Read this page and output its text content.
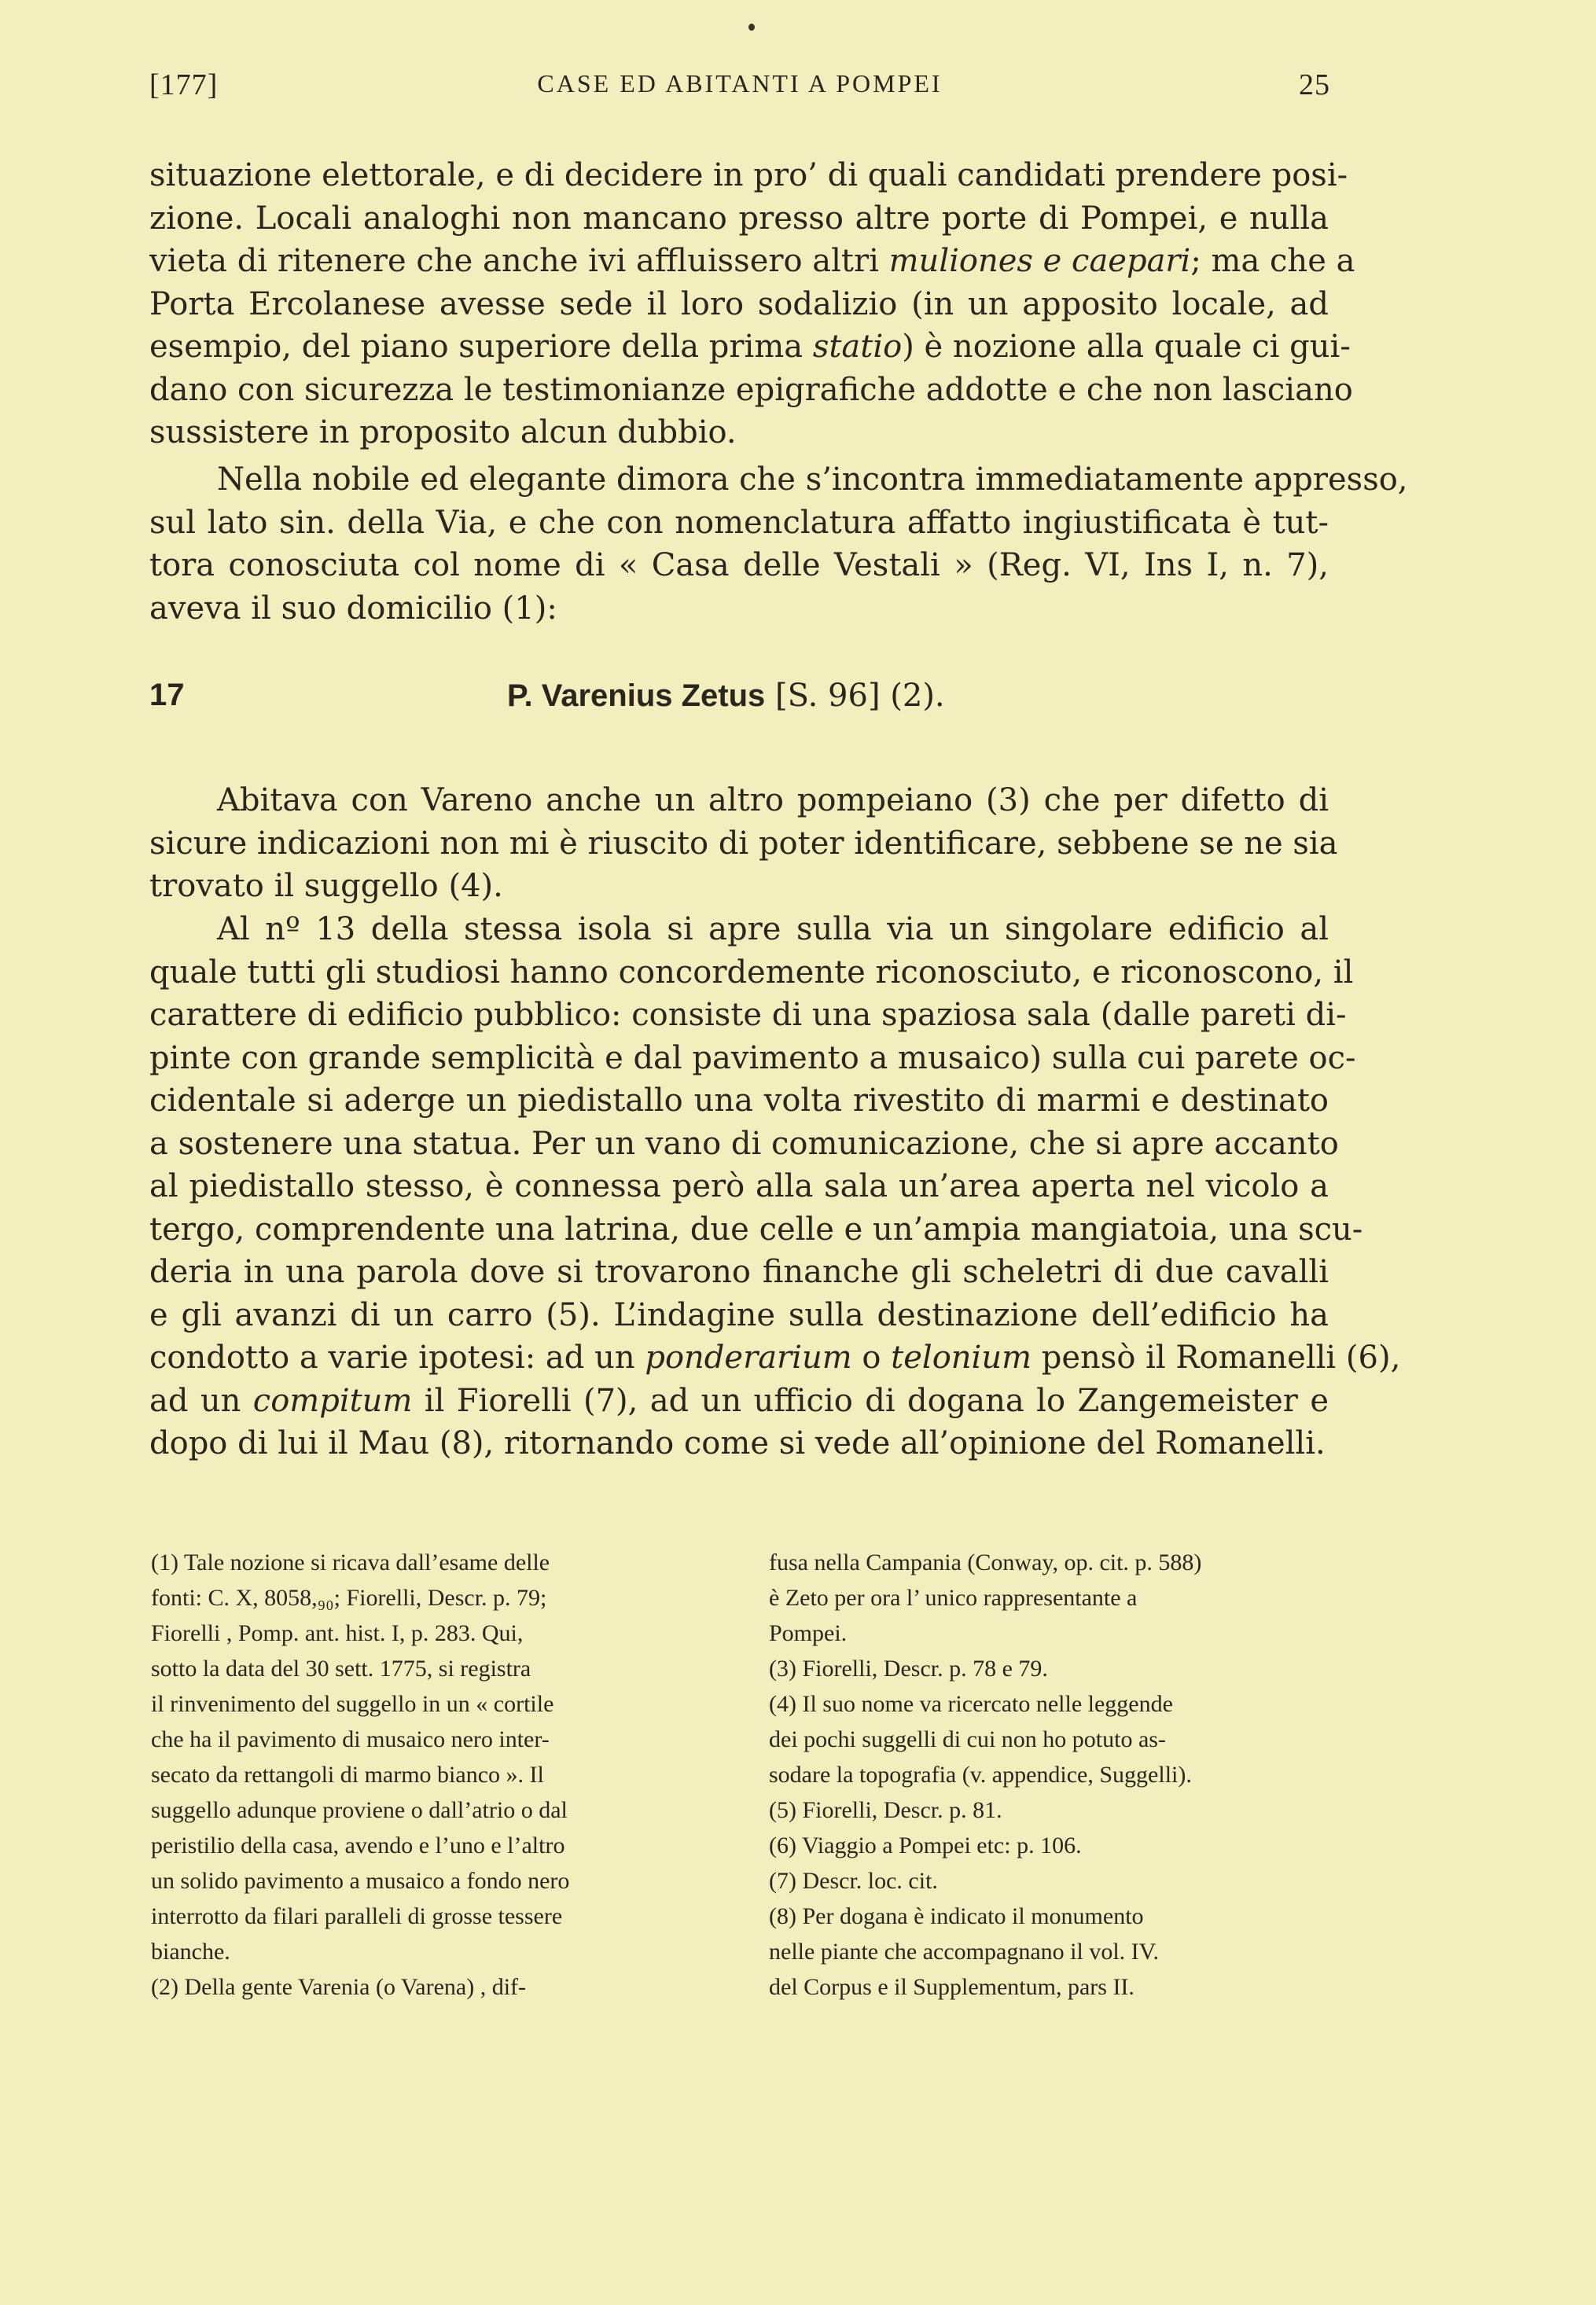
[177]	CASE ED ABITANTI A POMPEI	25
situazione elettorale, e di decidere in pro’ di quali candidati prendere posi-
zione. Locali analoghi non mancano presso altre porte di Pompei, e nulla
vieta di ritenere che anche ivi affluissero altri muliones e caepari; ma che a
Porta Ercolanese avesse sede il loro sodalizio (in un apposito locale, ad
esempio, del piano superiore della prima statio) è nozione alla quale ci gui-
dano con sicurezza le testimonianze epigrafiche addotte e che non lasciano
sussistere in proposito alcun dubbio.
Nella nobile ed elegante dimora che s’incontra immediatamente appresso,
sul lato sin. della Via, e che con nomenclatura affatto ingiustificata è tut-
tora conosciuta col nome di « Casa delle Vestali » (Reg. VI, Ins I, n. 7),
aveva il suo domicilio (1):
17	P. Varenius Zetus [S. 96] (2).
Abitava con Vareno anche un altro pompeiano (3) che per difetto di
sicure indicazioni non mi è riuscito di poter identificare, sebbene se ne sia
trovato il suggello (4).
Al nº 13 della stessa isola si apre sulla via un singolare edificio al
quale tutti gli studiosi hanno concordemente riconosciuto, e riconoscono, il
carattere di edificio pubblico: consiste di una spaziosa sala (dalle pareti di-
pinte con grande semplicità e dal pavimento a musaico) sulla cui parete oc-
cidentale si aderge un piedistallo una volta rivestito di marmi e destinato
a sostenere una statua. Per un vano di comunicazione, che si apre accanto
al piedistallo stesso, è connessa però alla sala un’area aperta nel vicolo a
tergo, comprendente una latrina, due celle e un’ampia mangiatoia, una scu-
deria in una parola dove si trovarono finanche gli scheletri di due cavalli
e gli avanzi di un carro (5). L’indagine sulla destinazione dell’edificio ha
condotto a varie ipotesi: ad un ponderarium o telonium pensò il Romanelli (6),
ad un compitum il Fiorelli (7), ad un ufficio di dogana lo Zangemeister e
dopo di lui il Mau (8), ritornando come si vede all’opinione del Romanelli.
(1) Tale nozione si ricava dall’esame delle
fonti: C. X, 8058,₉₀; Fiorelli, Descr. p. 79;
Fiorelli , Pomp. ant. hist. I, p. 283. Qui,
sotto la data del 30 sett. 1775, si registra
il rinvenimento del suggello in un « cortile
che ha il pavimento di musaico nero inter-
secato da rettangoli di marmo bianco ». Il
suggello adunque proviene o dall’atrio o dal
peristilio della casa, avendo e l’uno e l’altro
un solido pavimento a musaico a fondo nero
interrotto da filari paralleli di grosse tessere
bianche.
(2) Della gente Varenia (o Varena) , dif-
fusa nella Campania (Conway, op. cit. p. 588)
è Zeto per ora l’ unico rappresentante a
Pompei.
(3) Fiorelli, Descr. p. 78 e 79.
(4) Il suo nome va ricercato nelle leggende
dei pochi suggelli di cui non ho potuto as-
sodare la topografia (v. appendice, Suggelli).
(5) Fiorelli, Descr. p. 81.
(6) Viaggio a Pompei etc: p. 106.
(7) Descr. loc. cit.
(8) Per dogana è indicato il monumento
nelle piante che accompagnano il vol. IV.
del Corpus e il Supplementum, pars II.
